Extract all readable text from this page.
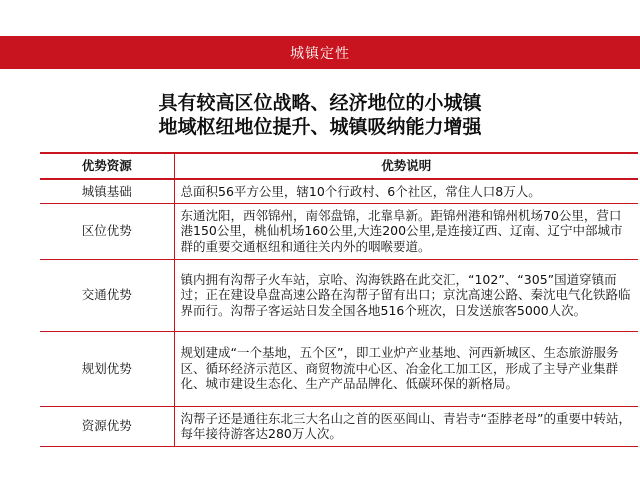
城镇定性
具有较高区位战略、经济地位的小城镇
地域枢纽地位提升、城镇吸纳能力增强
优势资源	优势说明
城镇基础	总面积56平方公里，辖10个行政村、6个社区，常住人口8万人。
区位优势	东通沈阳，西邻锦州，南邻盘锦，北靠阜新。距锦州港和锦州机场70公里，营口港150公里，桃仙机场160公里,大连200公里,是连接辽西、辽南、辽宁中部城市群的重要交通枢纽和通往关内外的咽喉要道。
交通优势	镇内拥有沟帮子火车站，京哈、沟海铁路在此交汇，“102”、“305”国道穿镇而过；正在建设阜盘高速公路在沟帮子留有出口；京沈高速公路、秦沈电气化铁路临界而行。沟帮子客运站日发全国各地516个班次，日发送旅客5000人次。
规划优势	规划建成“一个基地，五个区”，即工业炉产业基地、河西新城区、生态旅游服务区、循环经济示范区、商贸物流中心区、冶金化工加工区，形成了主导产业集群化、城市建设生态化、生产产品品牌化、低碳环保的新格局。
资源优势	沟帮子还是通往东北三大名山之首的医巫闾山、青岩寺“歪脖老母”的重要中转站，每年接待游客达280万人次。
